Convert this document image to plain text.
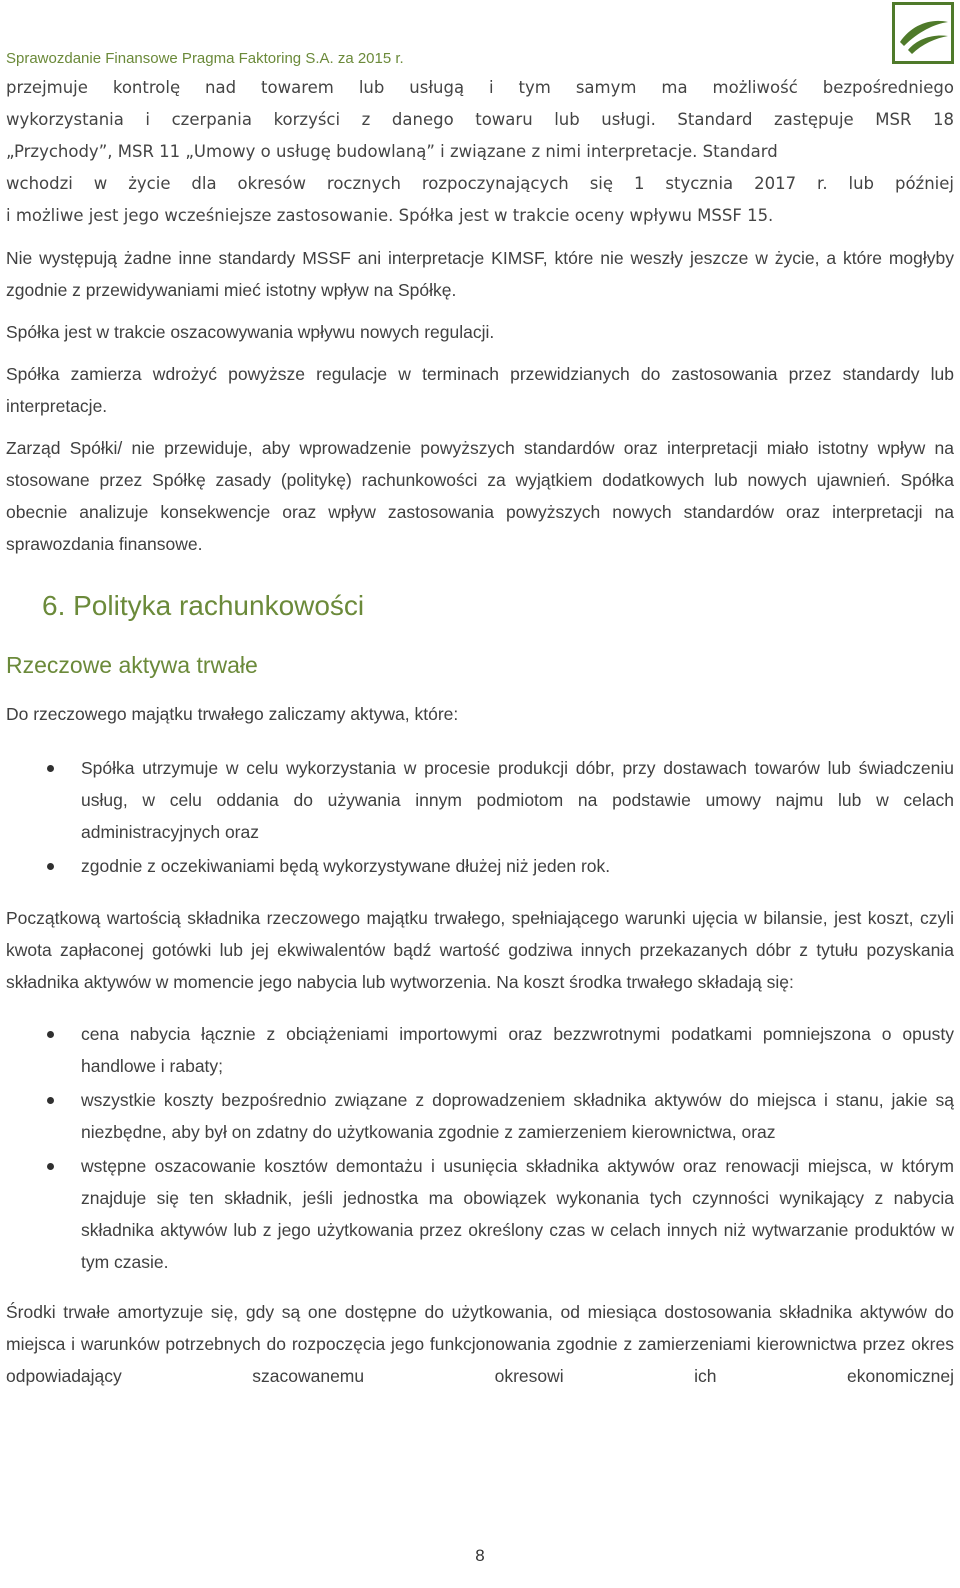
Sprawozdanie Finansowe Pragma Faktoring S.A. za 2015 r.

przejmuje kontrolę nad towarem lub usługą i tym samym ma możliwość bezpośredniego

wykorzystania i czerpania korzyści z danego towaru lub usługi. Standard zastępuje MSR 18

„Przychody”, MSR 11 „Umowy o usługę budowlaną” i związane z nimi interpretacje. Standard

wchodzi w życie dla okresów rocznych rozpoczynających się 1 stycznia 2017 r. lub później

i możliwe jest jego wcześniejsze zastosowanie. Spółka jest w trakcie oceny wpływu MSSF 15.

Nie występują żadne inne standardy MSSF ani interpretacje KIMSF, które nie weszły jeszcze w życie, a które mogłyby zgodnie z przewidywaniami mieć istotny wpływ na Spółkę.

Spółka jest w trakcie oszacowywania wpływu nowych regulacji.

Spółka zamierza wdrożyć powyższe regulacje w terminach przewidzianych do zastosowania przez standardy lub interpretacje.

Zarząd Spółki/ nie przewiduje, aby wprowadzenie powyższych standardów oraz interpretacji miało istotny wpływ na stosowane przez Spółkę zasady (politykę) rachunkowości za wyjątkiem dodatkowych lub nowych ujawnień. Spółka obecnie analizuje konsekwencje oraz wpływ zastosowania powyższych nowych standardów oraz interpretacji na sprawozdania finansowe.

6. Polityka rachunkowości
Rzeczowe aktywa trwałe

Do rzeczowego majątku trwałego zaliczamy aktywa, które:

Spółka utrzymuje w celu wykorzystania w procesie produkcji dóbr, przy dostawach towarów lub świadczeniu usług, w celu oddania do używania innym podmiotom na podstawie umowy najmu lub w celach administracyjnych oraz
zgodnie z oczekiwaniami będą wykorzystywane dłużej niż jeden rok.

Początkową wartością składnika rzeczowego majątku trwałego, spełniającego warunki ujęcia w bilansie, jest koszt, czyli kwota zapłaconej gotówki lub jej ekwiwalentów bądź wartość godziwa innych przekazanych dóbr z tytułu pozyskania składnika aktywów w momencie jego nabycia lub wytworzenia. Na koszt środka trwałego składają się:

cena nabycia łącznie z obciążeniami importowymi oraz bezzwrotnymi podatkami pomniejszona o opusty handlowe i rabaty;
wszystkie koszty bezpośrednio związane z doprowadzeniem składnika aktywów do miejsca i stanu, jakie są niezbędne, aby był on zdatny do użytkowania zgodnie z zamierzeniem kierownictwa, oraz
wstępne oszacowanie kosztów demontażu i usunięcia składnika aktywów oraz renowacji miejsca, w którym znajduje się ten składnik, jeśli jednostka ma obowiązek wykonania tych czynności wynikający z nabycia składnika aktywów lub z jego użytkowania przez określony czas w celach innych niż wytwarzanie produktów w tym czasie.

Środki trwałe amortyzuje się, gdy są one dostępne do użytkowania, od miesiąca dostosowania składnika aktywów do miejsca i warunków potrzebnych do rozpoczęcia jego funkcjonowania zgodnie z zamierzeniami kierownictwa przez okres odpowiadający szacowanemu okresowi ich ekonomicznej

8
